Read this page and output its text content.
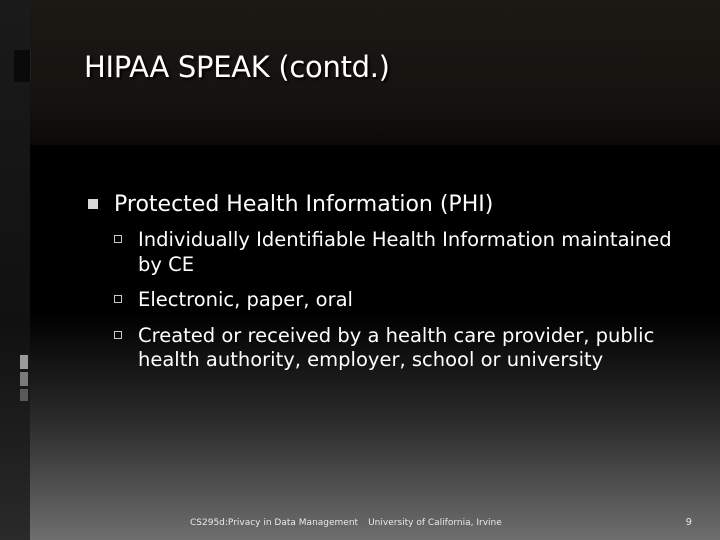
HIPAA SPEAK (contd.)
Protected Health Information (PHI)
Individually Identifiable Health Information maintained by CE
Electronic, paper, oral
Created or received by a health care provider, public health authority, employer, school or university
CS295d:Privacy in Data Management University of California, Irvine	9
